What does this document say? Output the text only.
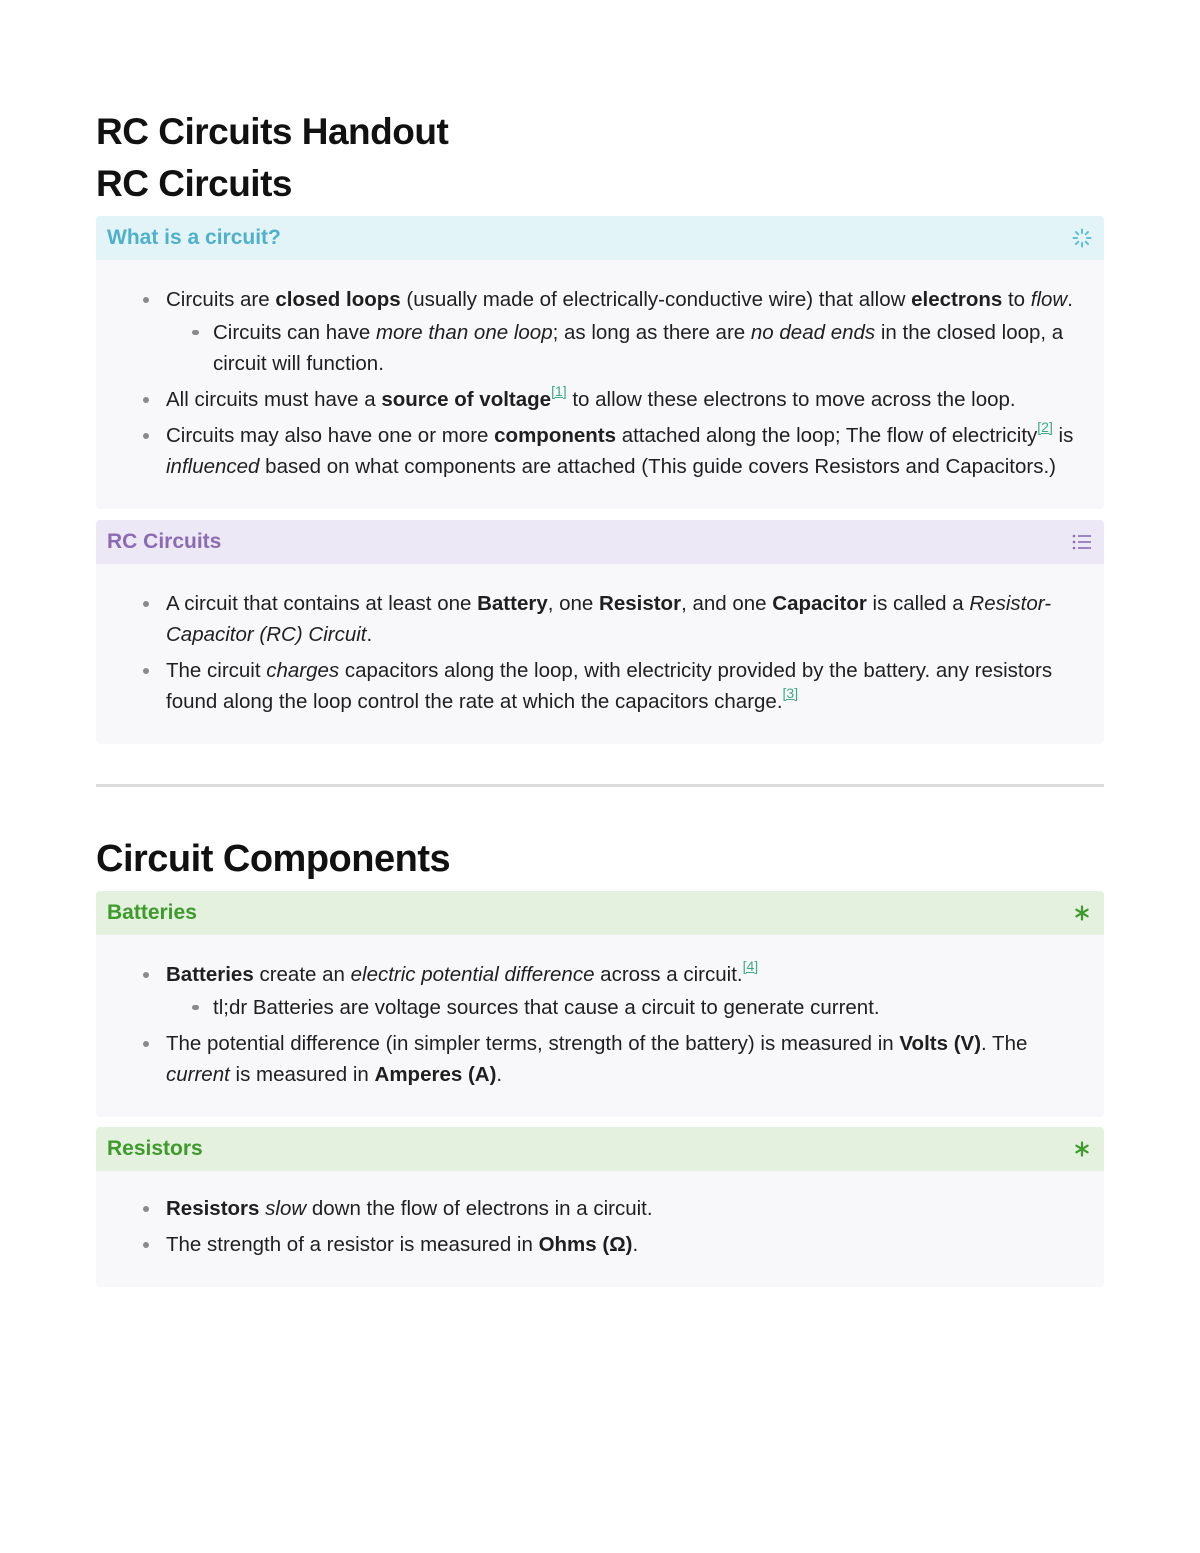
RC Circuits Handout
RC Circuits
What is a circuit?
Circuits are closed loops (usually made of electrically-conductive wire) that allow electrons to flow.
Circuits can have more than one loop; as long as there are no dead ends in the closed loop, a circuit will function.
All circuits must have a source of voltage[1] to allow these electrons to move across the loop.
Circuits may also have one or more components attached along the loop; The flow of electricity[2] is influenced based on what components are attached (This guide covers Resistors and Capacitors.)
RC Circuits
A circuit that contains at least one Battery, one Resistor, and one Capacitor is called a Resistor-Capacitor (RC) Circuit.
The circuit charges capacitors along the loop, with electricity provided by the battery. any resistors found along the loop control the rate at which the capacitors charge.[3]
Circuit Components
Batteries
Batteries create an electric potential difference across a circuit.[4]
tl;dr Batteries are voltage sources that cause a circuit to generate current.
The potential difference (in simpler terms, strength of the battery) is measured in Volts (V). The current is measured in Amperes (A).
Resistors
Resistors slow down the flow of electrons in a circuit.
The strength of a resistor is measured in Ohms (Ω).
